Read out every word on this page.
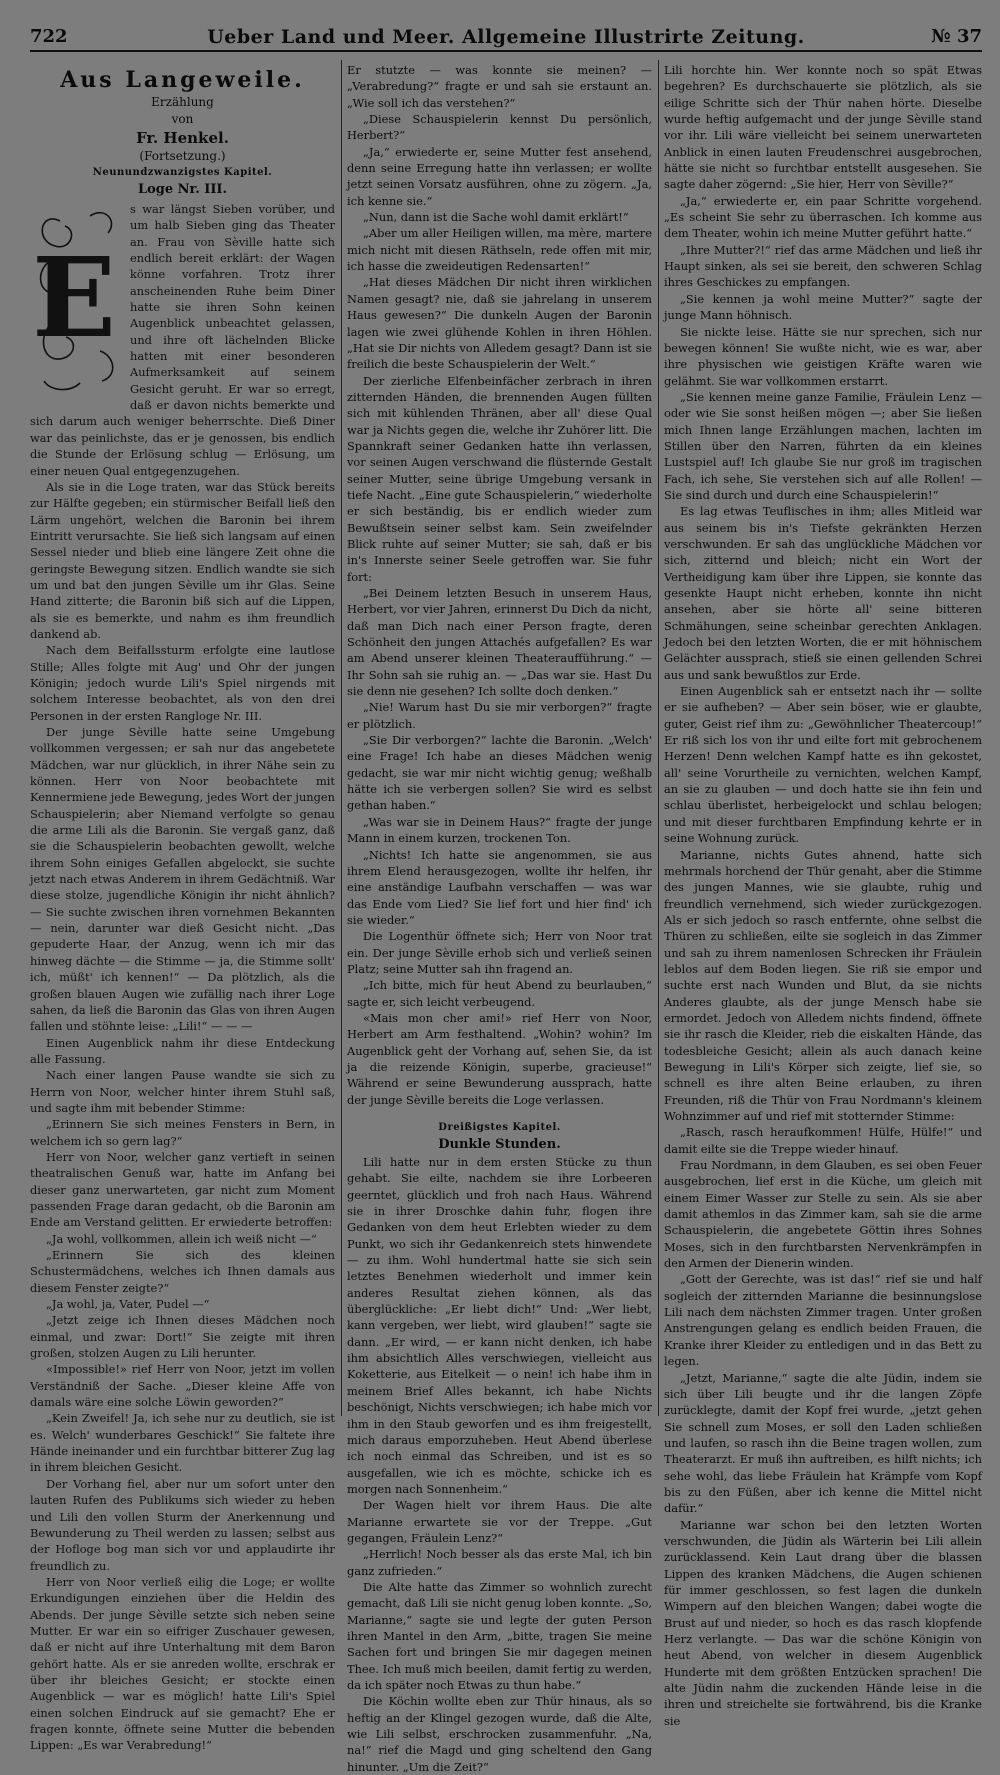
722	Ueber Land und Meer. Allgemeine Illustrirte Zeitung.	№ 37
Aus Langeweile.
Erzählung
von
Fr. Henkel.
(Fortsetzung.)
Neunundzwanzigstes Kapitel.
Loge Nr. III.
E

s war längst Sieben vorüber, und um halb Sieben ging das Theater an. Frau von Sèville hatte sich endlich bereit erklärt: der Wagen könne vorfahren. Trotz ihrer anscheinenden Ruhe beim Diner hatte sie ihren Sohn keinen Augenblick unbeachtet gelassen, und ihre oft lächelnden Blicke hatten mit einer besonderen Aufmerksamkeit auf seinem Gesicht geruht. Er war so erregt, daß er davon nichts bemerkte und sich darum auch weniger beherrschte. Dieß Diner war das peinlichste, das er je genossen, bis endlich die Stunde der Erlösung schlug — Erlösung, um einer neuen Qual entgegenzugehen.

Als sie in die Loge traten, war das Stück bereits zur Hälfte gegeben; ein stürmischer Beifall ließ den Lärm ungehört, welchen die Baronin bei ihrem Eintritt verursachte. Sie ließ sich langsam auf einen Sessel nieder und blieb eine längere Zeit ohne die geringste Bewegung sitzen. Endlich wandte sie sich um und bat den jungen Sèville um ihr Glas. Seine Hand zitterte; die Baronin biß sich auf die Lippen, als sie es bemerkte, und nahm es ihm freundlich dankend ab.

Nach dem Beifallssturm erfolgte eine lautlose Stille; Alles folgte mit Aug' und Ohr der jungen Königin; jedoch wurde Lili's Spiel nirgends mit solchem Interesse beobachtet, als von den drei Personen in der ersten Rangloge Nr. III.

Der junge Sèville hatte seine Umgebung vollkommen vergessen; er sah nur das angebetete Mädchen, war nur glücklich, in ihrer Nähe sein zu können. Herr von Noor beobachtete mit Kennermiene jede Bewegung, jedes Wort der jungen Schauspielerin; aber Niemand verfolgte so genau die arme Lili als die Baronin. Sie vergaß ganz, daß sie die Schauspielerin beobachten gewollt, welche ihrem Sohn einiges Gefallen abgelockt, sie suchte jetzt nach etwas Anderem in ihrem Gedächtniß. War diese stolze, jugendliche Königin ihr nicht ähnlich? — Sie suchte zwischen ihren vornehmen Bekannten — nein, darunter war dieß Gesicht nicht. „Das gepuderte Haar, der Anzug, wenn ich mir das hinweg dächte — die Stimme — ja, die Stimme sollt' ich, müßt' ich kennen!“ — Da plötzlich, als die großen blauen Augen wie zufällig nach ihrer Loge sahen, da ließ die Baronin das Glas von ihren Augen fallen und stöhnte leise: „Lili!“ — — —

Einen Augenblick nahm ihr diese Entdeckung alle Fassung.

Nach einer langen Pause wandte sie sich zu Herrn von Noor, welcher hinter ihrem Stuhl saß, und sagte ihm mit bebender Stimme:

„Erinnern Sie sich meines Fensters in Bern, in welchem ich so gern lag?“

Herr von Noor, welcher ganz vertieft in seinen theatralischen Genuß war, hatte im Anfang bei dieser ganz unerwarteten, gar nicht zum Moment passenden Frage daran gedacht, ob die Baronin am Ende am Verstand gelitten. Er erwiederte betroffen:

„Ja wohl, vollkommen, allein ich weiß nicht —“

„Erinnern Sie sich des kleinen Schustermädchens, welches ich Ihnen damals aus diesem Fenster zeigte?“

„Ja wohl, ja, Vater, Pudel —“

„Jetzt zeige ich Ihnen dieses Mädchen noch einmal, und zwar: Dort!“ Sie zeigte mit ihren großen, stolzen Augen zu Lili herunter.

«Impossible!» rief Herr von Noor, jetzt im vollen Verständniß der Sache. „Dieser kleine Affe von damals wäre eine solche Löwin geworden?“

„Kein Zweifel! Ja, ich sehe nur zu deutlich, sie ist es. Welch' wunderbares Geschick!“ Sie faltete ihre Hände ineinander und ein furchtbar bitterer Zug lag in ihrem bleichen Gesicht.

Der Vorhang fiel, aber nur um sofort unter den lauten Rufen des Publikums sich wieder zu heben und Lili den vollen Sturm der Anerkennung und Bewunderung zu Theil werden zu lassen; selbst aus der Hofloge bog man sich vor und applaudirte ihr freundlich zu.

Herr von Noor verließ eilig die Loge; er wollte Erkundigungen einziehen über die Heldin des Abends. Der junge Sèville setzte sich neben seine Mutter. Er war ein so eifriger Zuschauer gewesen, daß er nicht auf ihre Unterhaltung mit dem Baron gehört hatte. Als er sie anreden wollte, erschrak er über ihr bleiches Gesicht; er stockte einen Augenblick — war es möglich! hatte Lili's Spiel einen solchen Eindruck auf sie gemacht? Ehe er fragen konnte, öffnete seine Mutter die bebenden Lippen: „Es war Verabredung!“

Er stutzte — was konnte sie meinen? — „Verabredung?“ fragte er und sah sie erstaunt an. „Wie soll ich das verstehen?“

„Diese Schauspielerin kennst Du persönlich, Herbert?“

„Ja,“ erwiederte er, seine Mutter fest ansehend, denn seine Erregung hatte ihn verlassen; er wollte jetzt seinen Vorsatz ausführen, ohne zu zögern. „Ja, ich kenne sie.“

„Nun, dann ist die Sache wohl damit erklärt!“

„Aber um aller Heiligen willen, ma mère, martere mich nicht mit diesen Räthseln, rede offen mit mir, ich hasse die zweideutigen Redensarten!“

„Hat dieses Mädchen Dir nicht ihren wirklichen Namen gesagt? nie, daß sie jahrelang in unserem Haus gewesen?“ Die dunkeln Augen der Baronin lagen wie zwei glühende Kohlen in ihren Höhlen. „Hat sie Dir nichts von Alledem gesagt? Dann ist sie freilich die beste Schauspielerin der Welt.“

Der zierliche Elfenbeinfächer zerbrach in ihren zitternden Händen, die brennenden Augen füllten sich mit kühlenden Thränen, aber all' diese Qual war ja Nichts gegen die, welche ihr Zuhörer litt. Die Spannkraft seiner Gedanken hatte ihn verlassen, vor seinen Augen verschwand die flüsternde Gestalt seiner Mutter, seine übrige Umgebung versank in tiefe Nacht. „Eine gute Schauspielerin,“ wiederholte er sich beständig, bis er endlich wieder zum Bewußtsein seiner selbst kam. Sein zweifelnder Blick ruhte auf seiner Mutter; sie sah, daß er bis in's Innerste seiner Seele getroffen war. Sie fuhr fort:

„Bei Deinem letzten Besuch in unserem Haus, Herbert, vor vier Jahren, erinnerst Du Dich da nicht, daß man Dich nach einer Person fragte, deren Schönheit den jungen Attachés aufgefallen? Es war am Abend unserer kleinen Theateraufführung.“ — Ihr Sohn sah sie ruhig an. — „Das war sie. Hast Du sie denn nie gesehen? Ich sollte doch denken.“

„Nie! Warum hast Du sie mir verborgen?“ fragte er plötzlich.

„Sie Dir verborgen?“ lachte die Baronin. „Welch' eine Frage! Ich habe an dieses Mädchen wenig gedacht, sie war mir nicht wichtig genug; weßhalb hätte ich sie verbergen sollen? Sie wird es selbst gethan haben.“

„Was war sie in Deinem Haus?“ fragte der junge Mann in einem kurzen, trockenen Ton.

„Nichts! Ich hatte sie angenommen, sie aus ihrem Elend herausgezogen, wollte ihr helfen, ihr eine anständige Laufbahn verschaffen — was war das Ende vom Lied? Sie lief fort und hier find' ich sie wieder.“

Die Logenthür öffnete sich; Herr von Noor trat ein. Der junge Sèville erhob sich und verließ seinen Platz; seine Mutter sah ihn fragend an.

„Ich bitte, mich für heut Abend zu beurlauben,“ sagte er, sich leicht verbeugend.

«Mais mon cher ami!» rief Herr von Noor, Herbert am Arm festhaltend. „Wohin? wohin? Im Augenblick geht der Vorhang auf, sehen Sie, da ist ja die reizende Königin, superbe, gracieuse!“ Während er seine Bewunderung aussprach, hatte der junge Sèville bereits die Loge verlassen.

Dreißigstes Kapitel.
Dunkle Stunden.

Lili hatte nur in dem ersten Stücke zu thun gehabt. Sie eilte, nachdem sie ihre Lorbeeren geerntet, glücklich und froh nach Haus. Während sie in ihrer Droschke dahin fuhr, flogen ihre Gedanken von dem heut Erlebten wieder zu dem Punkt, wo sich ihr Gedankenreich stets hinwendete — zu ihm. Wohl hundertmal hatte sie sich sein letztes Benehmen wiederholt und immer kein anderes Resultat ziehen können, als das überglückliche: „Er liebt dich!“ Und: „Wer liebt, kann vergeben, wer liebt, wird glauben!“ sagte sie dann. „Er wird, — er kann nicht denken, ich habe ihm absichtlich Alles verschwiegen, vielleicht aus Koketterie, aus Eitelkeit — o nein! ich habe ihm in meinem Brief Alles bekannt, ich habe Nichts beschönigt, Nichts verschwiegen; ich habe mich vor ihm in den Staub geworfen und es ihm freigestellt, mich daraus emporzuheben. Heut Abend überlese ich noch einmal das Schreiben, und ist es so ausgefallen, wie ich es möchte, schicke ich es morgen nach Sonnenheim.“

Der Wagen hielt vor ihrem Haus. Die alte Marianne erwartete sie vor der Treppe. „Gut gegangen, Fräulein Lenz?“

„Herrlich! Noch besser als das erste Mal, ich bin ganz zufrieden.“

Die Alte hatte das Zimmer so wohnlich zurecht gemacht, daß Lili sie nicht genug loben konnte. „So, Marianne,“ sagte sie und legte der guten Person ihren Mantel in den Arm, „bitte, tragen Sie meine Sachen fort und bringen Sie mir dagegen meinen Thee. Ich muß mich beeilen, damit fertig zu werden, da ich später noch Etwas zu thun habe.“

Die Köchin wollte eben zur Thür hinaus, als so heftig an der Klingel gezogen wurde, daß die Alte, wie Lili selbst, erschrocken zusammenfuhr. „Na, na!“ rief die Magd und ging scheltend den Gang hinunter. „Um die Zeit?“

Lili horchte hin. Wer konnte noch so spät Etwas begehren? Es durchschauerte sie plötzlich, als sie eilige Schritte sich der Thür nahen hörte. Dieselbe wurde heftig aufgemacht und der junge Sèville stand vor ihr. Lili wäre vielleicht bei seinem unerwarteten Anblick in einen lauten Freudenschrei ausgebrochen, hätte sie nicht so furchtbar entstellt ausgesehen. Sie sagte daher zögernd: „Sie hier, Herr von Sèville?“

„Ja,“ erwiederte er, ein paar Schritte vorgehend. „Es scheint Sie sehr zu überraschen. Ich komme aus dem Theater, wohin ich meine Mutter geführt hatte.“

„Ihre Mutter?!“ rief das arme Mädchen und ließ ihr Haupt sinken, als sei sie bereit, den schweren Schlag ihres Geschickes zu empfangen.

„Sie kennen ja wohl meine Mutter?“ sagte der junge Mann höhnisch.

Sie nickte leise. Hätte sie nur sprechen, sich nur bewegen können! Sie wußte nicht, wie es war, aber ihre physischen wie geistigen Kräfte waren wie gelähmt. Sie war vollkommen erstarrt.

„Sie kennen meine ganze Familie, Fräulein Lenz — oder wie Sie sonst heißen mögen —; aber Sie ließen mich Ihnen lange Erzählungen machen, lachten im Stillen über den Narren, führten da ein kleines Lustspiel auf! Ich glaube Sie nur groß im tragischen Fach, ich sehe, Sie verstehen sich auf alle Rollen! — Sie sind durch und durch eine Schauspielerin!“

Es lag etwas Teuflisches in ihm; alles Mitleid war aus seinem bis in's Tiefste gekränkten Herzen verschwunden. Er sah das unglückliche Mädchen vor sich, zitternd und bleich; nicht ein Wort der Vertheidigung kam über ihre Lippen, sie konnte das gesenkte Haupt nicht erheben, konnte ihn nicht ansehen, aber sie hörte all' seine bitteren Schmähungen, seine scheinbar gerechten Anklagen. Jedoch bei den letzten Worten, die er mit höhnischem Gelächter aussprach, stieß sie einen gellenden Schrei aus und sank bewußtlos zur Erde.

Einen Augenblick sah er entsetzt nach ihr — sollte er sie aufheben? — Aber sein böser, wie er glaubte, guter, Geist rief ihm zu: „Gewöhnlicher Theatercoup!“ Er riß sich los von ihr und eilte fort mit gebrochenem Herzen! Denn welchen Kampf hatte es ihn gekostet, all' seine Vorurtheile zu vernichten, welchen Kampf, an sie zu glauben — und doch hatte sie ihn fein und schlau überlistet, herbeigelockt und schlau belogen; und mit dieser furchtbaren Empfindung kehrte er in seine Wohnung zurück.

Marianne, nichts Gutes ahnend, hatte sich mehrmals horchend der Thür genaht, aber die Stimme des jungen Mannes, wie sie glaubte, ruhig und freundlich vernehmend, sich wieder zurückgezogen. Als er sich jedoch so rasch entfernte, ohne selbst die Thüren zu schließen, eilte sie sogleich in das Zimmer und sah zu ihrem namenlosen Schrecken ihr Fräulein leblos auf dem Boden liegen. Sie riß sie empor und suchte erst nach Wunden und Blut, da sie nichts Anderes glaubte, als der junge Mensch habe sie ermordet. Jedoch von Alledem nichts findend, öffnete sie ihr rasch die Kleider, rieb die eiskalten Hände, das todesbleiche Gesicht; allein als auch danach keine Bewegung in Lili's Körper sich zeigte, lief sie, so schnell es ihre alten Beine erlauben, zu ihren Freunden, riß die Thür von Frau Nordmann's kleinem Wohnzimmer auf und rief mit stotternder Stimme:

„Rasch, rasch heraufkommen! Hülfe, Hülfe!“ und damit eilte sie die Treppe wieder hinauf.

Frau Nordmann, in dem Glauben, es sei oben Feuer ausgebrochen, lief erst in die Küche, um gleich mit einem Eimer Wasser zur Stelle zu sein. Als sie aber damit athemlos in das Zimmer kam, sah sie die arme Schauspielerin, die angebetete Göttin ihres Sohnes Moses, sich in den furchtbarsten Nervenkrämpfen in den Armen der Dienerin winden.

„Gott der Gerechte, was ist das!“ rief sie und half sogleich der zitternden Marianne die besinnungslose Lili nach dem nächsten Zimmer tragen. Unter großen Anstrengungen gelang es endlich beiden Frauen, die Kranke ihrer Kleider zu entledigen und in das Bett zu legen.

„Jetzt, Marianne,“ sagte die alte Jüdin, indem sie sich über Lili beugte und ihr die langen Zöpfe zurücklegte, damit der Kopf frei wurde, „jetzt gehen Sie schnell zum Moses, er soll den Laden schließen und laufen, so rasch ihn die Beine tragen wollen, zum Theaterarzt. Er muß ihn auftreiben, es hilft nichts; ich sehe wohl, das liebe Fräulein hat Krämpfe vom Kopf bis zu den Füßen, aber ich kenne die Mittel nicht dafür.“

Marianne war schon bei den letzten Worten verschwunden, die Jüdin als Wärterin bei Lili allein zurücklassend. Kein Laut drang über die blassen Lippen des kranken Mädchens, die Augen schienen für immer geschlossen, so fest lagen die dunkeln Wimpern auf den bleichen Wangen; dabei wogte die Brust auf und nieder, so hoch es das rasch klopfende Herz verlangte. — Das war die schöne Königin von heut Abend, von welcher in diesem Augenblick Hunderte mit dem größten Entzücken sprachen! Die alte Jüdin nahm die zuckenden Hände leise in die ihren und streichelte sie fortwährend, bis die Kranke sie
